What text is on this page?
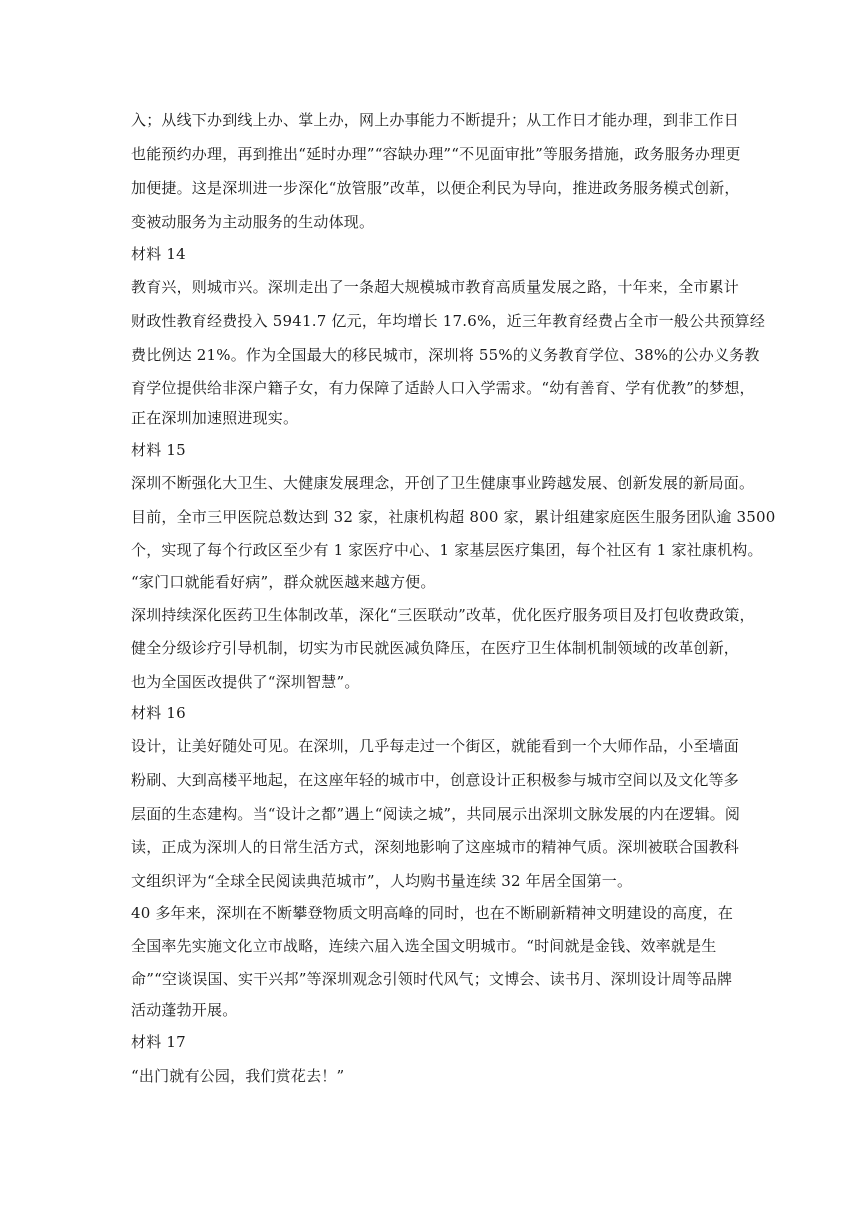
入；从线下办到线上办、掌上办，网上办事能力不断提升；从工作日才能办理，到非工作日
也能预约办理，再到推出“延时办理”“容缺办理”“不见面审批”等服务措施，政务服务办理更
加便捷。这是深圳进一步深化“放管服”改革，以便企利民为导向，推进政务服务模式创新，
变被动服务为主动服务的生动体现。
材料 14
教育兴，则城市兴。深圳走出了一条超大规模城市教育高质量发展之路，十年来，全市累计
财政性教育经费投入 5941.7 亿元，年均增长 17.6%，近三年教育经费占全市一般公共预算经
费比例达 21%。作为全国最大的移民城市，深圳将 55%的义务教育学位、38%的公办义务教
育学位提供给非深户籍子女，有力保障了适龄人口入学需求。“幼有善育、学有优教”的梦想，
正在深圳加速照进现实。
材料 15
深圳不断强化大卫生、大健康发展理念，开创了卫生健康事业跨越发展、创新发展的新局面。
目前，全市三甲医院总数达到 32 家，社康机构超 800 家，累计组建家庭医生服务团队逾 3500
个，实现了每个行政区至少有 1 家医疗中心、1 家基层医疗集团，每个社区有 1 家社康机构。
“家门口就能看好病”，群众就医越来越方便。
深圳持续深化医药卫生体制改革，深化“三医联动”改革，优化医疗服务项目及打包收费政策，
健全分级诊疗引导机制，切实为市民就医减负降压，在医疗卫生体制机制领域的改革创新，
也为全国医改提供了“深圳智慧”。
材料 16
设计，让美好随处可见。在深圳，几乎每走过一个街区，就能看到一个大师作品，小至墙面
粉刷、大到高楼平地起，在这座年轻的城市中，创意设计正积极参与城市空间以及文化等多
层面的生态建构。当“设计之都”遇上“阅读之城”，共同展示出深圳文脉发展的内在逻辑。阅
读，正成为深圳人的日常生活方式，深刻地影响了这座城市的精神气质。深圳被联合国教科
文组织评为“全球全民阅读典范城市”，人均购书量连续 32 年居全国第一。
40 多年来，深圳在不断攀登物质文明高峰的同时，也在不断刷新精神文明建设的高度，在
全国率先实施文化立市战略，连续六届入选全国文明城市。“时间就是金钱、效率就是生
命”“空谈误国、实干兴邦”等深圳观念引领时代风气；文博会、读书月、深圳设计周等品牌
活动蓬勃开展。
材料 17
“出门就有公园，我们赏花去！”
